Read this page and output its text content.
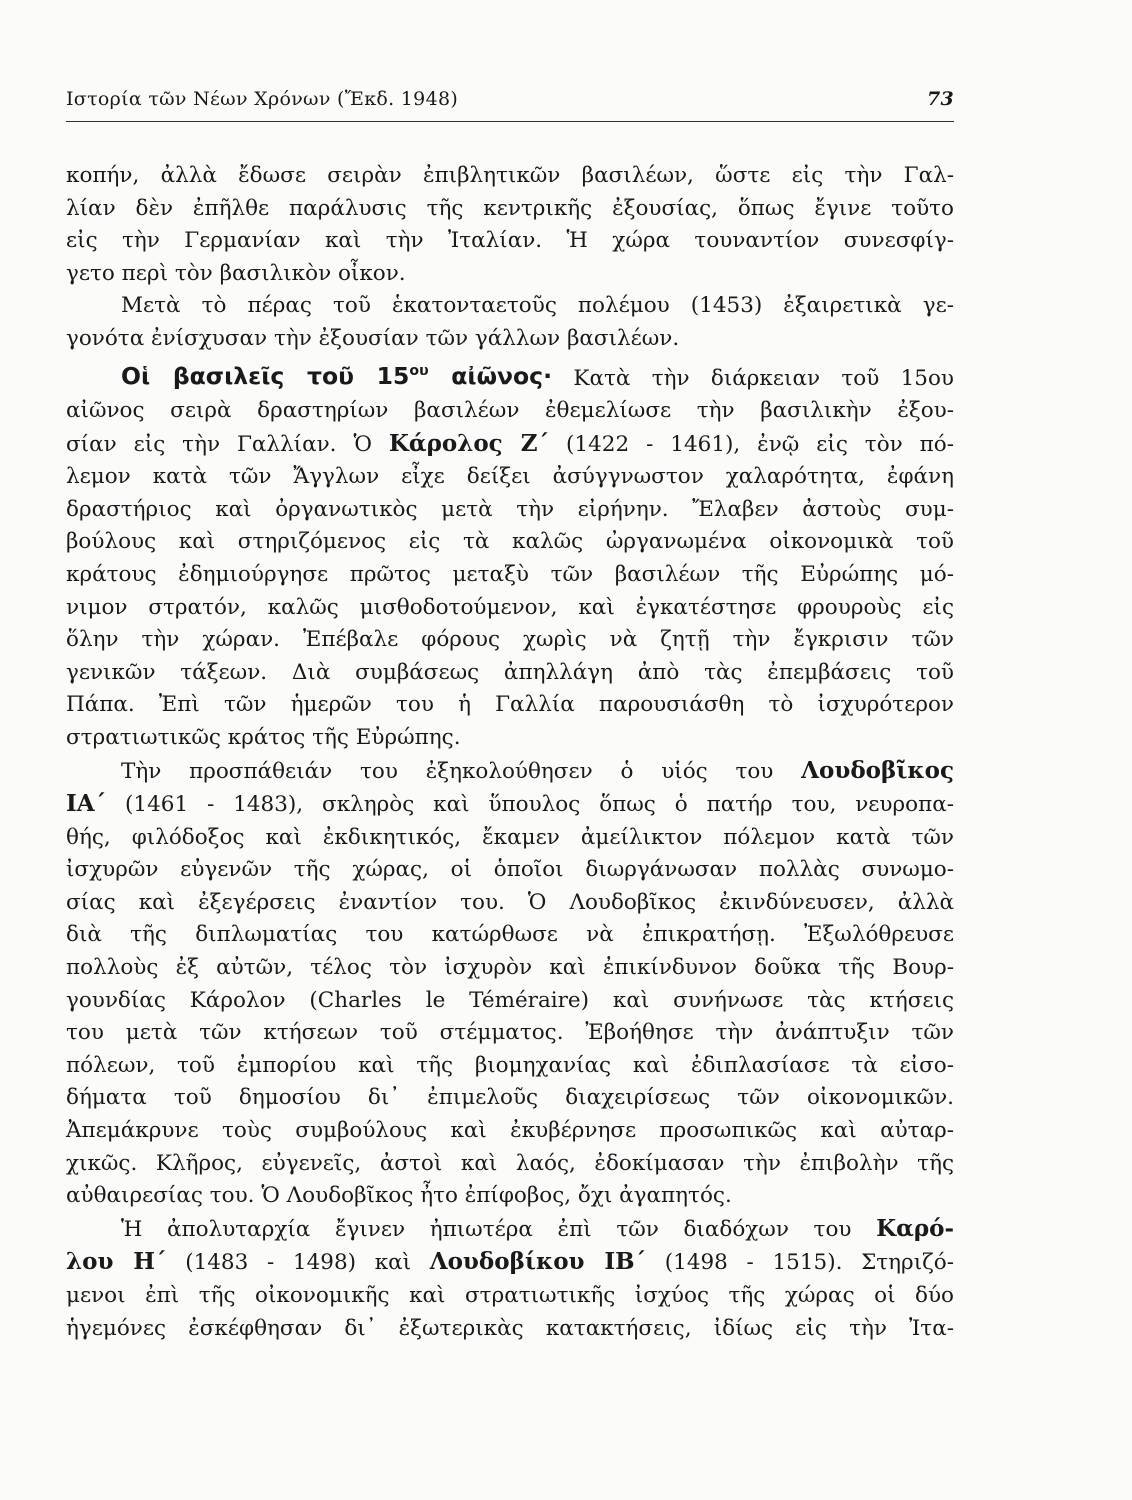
Ιστορία τῶν Νέων Χρόνων (Ἔκδ. 1948)	73
κοπήν, ἀλλὰ ἔδωσε σειρὰν ἐπιβλητικῶν βασιλέων, ὥστε εἰς τὴν Γαλ-
λίαν δὲν ἐπῆλθε παράλυσις τῆς κεντρικῆς ἐξουσίας, ὅπως ἔγινε τοῦτο
εἰς τὴν Γερμανίαν καὶ τὴν Ἰταλίαν. Ἡ χώρα τουναντίον συνεσφίγ-
γετο περὶ τὸν βασιλικὸν οἶκον.
Μετὰ τὸ πέρας τοῦ ἑκατονταετοῦς πολέμου (1453) ἐξαιρετικὰ γε-
γονότα ἐνίσχυσαν τὴν ἐξουσίαν τῶν γάλλων βασιλέων.
Οἱ βασιλεῖς τοῦ $15^{o\upsilon}$ αἰῶνος· Κατὰ τὴν διάρκειαν τοῦ 15ου
αἰῶνος σειρὰ δραστηρίων βασιλέων ἐθεμελίωσε τὴν βασιλικὴν ἐξου-
σίαν εἰς τὴν Γαλλίαν. Ὁ Κάρολος Ζ΄ (1422 - 1461), ἐνῷ εἰς τὸν πό-
λεμον κατὰ τῶν Ἄγγλων εἶχε δείξει ἀσύγγνωστον χαλαρότητα, ἐφάνη
δραστήριος καὶ ὀργανωτικὸς μετὰ τὴν εἰρήνην. Ἔλαβεν ἀστοὺς συμ-
βούλους καὶ στηριζόμενος εἰς τὰ καλῶς ὠργανωμένα οἰκονομικὰ τοῦ
κράτους ἐδημιούργησε πρῶτος μεταξὺ τῶν βασιλέων τῆς Εὐρώπης μό-
νιμον στρατόν, καλῶς μισθοδοτούμενον, καὶ ἐγκατέστησε φρουροὺς εἰς
ὅλην τὴν χώραν. Ἐπέβαλε φόρους χωρὶς νὰ ζητῇ τὴν ἔγκρισιν τῶν
γενικῶν τάξεων. Διὰ συμβάσεως ἀπηλλάγη ἀπὸ τὰς ἐπεμβάσεις τοῦ
Πάπα. Ἐπὶ τῶν ἡμερῶν του ἡ Γαλλία παρουσιάσθη τὸ ἰσχυρότερον
στρατιωτικῶς κράτος τῆς Εὐρώπης.
Τὴν προσπάθειάν του ἐξηκολούθησεν ὁ υἱός του Λουδοβῖκος
ΙΑ΄ (1461 - 1483), σκληρὸς καὶ ὕπουλος ὅπως ὁ πατήρ του, νευροπα-
θής, φιλόδοξος καὶ ἐκδικητικός, ἔκαμεν ἀμείλικτον πόλεμον κατὰ τῶν
ἰσχυρῶν εὐγενῶν τῆς χώρας, οἱ ὁποῖοι διωργάνωσαν πολλὰς συνωμο-
σίας καὶ ἐξεγέρσεις ἐναντίον του. Ὁ Λουδοβῖκος ἐκινδύνευσεν, ἀλλὰ
διὰ τῆς διπλωματίας του κατώρθωσε νὰ ἐπικρατήσῃ. Ἐξωλόθρευσε
πολλοὺς ἐξ αὐτῶν, τέλος τὸν ἰσχυρὸν καὶ ἐπικίνδυνον δοῦκα τῆς Βουρ-
γουνδίας Κάρολον (Charles le Téméraire) καὶ συνήνωσε τὰς κτήσεις
του μετὰ τῶν κτήσεων τοῦ στέμματος. Ἐβοήθησε τὴν ἀνάπτυξιν τῶν
πόλεων, τοῦ ἐμπορίου καὶ τῆς βιομηχανίας καὶ ἐδιπλασίασε τὰ εἰσο-
δήματα τοῦ δημοσίου δι᾽ ἐπιμελοῦς διαχειρίσεως τῶν οἰκονομικῶν.
Ἀπεμάκρυνε τοὺς συμβούλους καὶ ἐκυβέρνησε προσωπικῶς καὶ αὐταρ-
χικῶς. Κλῆρος, εὐγενεῖς, ἀστοὶ καὶ λαός, ἐδοκίμασαν τὴν ἐπιβολὴν τῆς
αὐθαιρεσίας του. Ὁ Λουδοβῖκος ἦτο ἐπίφοβος, ὄχι ἀγαπητός.
Ἡ ἀπολυταρχία ἔγινεν ἠπιωτέρα ἐπὶ τῶν διαδόχων του Καρό-
λου Η΄ (1483 - 1498) καὶ Λουδοβίκου ΙΒ΄ (1498 - 1515). Στηριζό-
μενοι ἐπὶ τῆς οἰκονομικῆς καὶ στρατιωτικῆς ἰσχύος τῆς χώρας οἱ δύο
ἡγεμόνες ἐσκέφθησαν δι᾽ ἐξωτερικὰς κατακτήσεις, ἰδίως εἰς τὴν Ἰτα-
